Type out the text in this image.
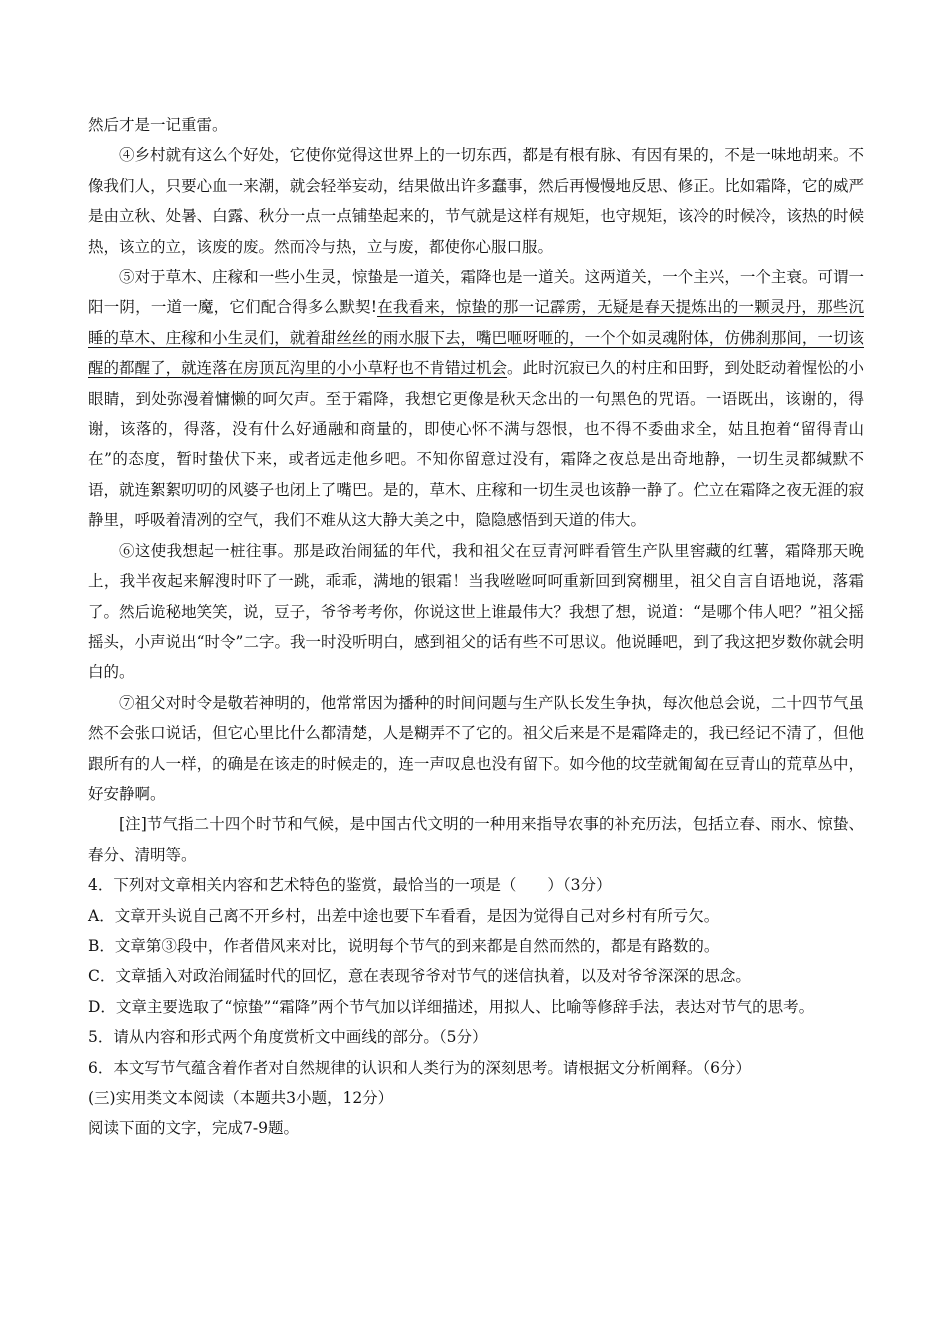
然后才是一记重雷。

④乡村就有这么个好处，它使你觉得这世界上的一切东西，都是有根有脉、有因有果的，不是一味地胡来。不像我们人，只要心血一来潮，就会轻举妄动，结果做出许多蠢事，然后再慢慢地反思、修正。比如霜降，它的威严是由立秋、处暑、白露、秋分一点一点铺垫起来的，节气就是这样有规矩，也守规矩，该冷的时候冷，该热的时候热，该立的立，该废的废。然而冷与热，立与废，都使你心服口服。

⑤对于草木、庄稼和一些小生灵，惊蛰是一道关，霜降也是一道关。这两道关，一个主兴，一个主衰。可谓一阳一阴，一道一魔，它们配合得多么默契!在我看来，惊蛰的那一记霹雳，无疑是春天提炼出的一颗灵丹，那些沉睡的草木、庄稼和小生灵们，就着甜丝丝的雨水服下去，嘴巴咂呀咂的，一个个如灵魂附体，仿佛刹那间，一切该醒的都醒了，就连落在房顶瓦沟里的小小草籽也不肯错过机会。此时沉寂已久的村庄和田野，到处眨动着惺忪的小眼睛，到处弥漫着慵懒的呵欠声。至于霜降，我想它更像是秋天念出的一句黑色的咒语。一语既出，该谢的，得谢，该落的，得落，没有什么好通融和商量的，即使心怀不满与怨恨，也不得不委曲求全，姑且抱着“留得青山在”的态度，暂时蛰伏下来，或者远走他乡吧。不知你留意过没有，霜降之夜总是出奇地静，一切生灵都缄默不语，就连絮絮叨叨的风婆子也闭上了嘴巴。是的，草木、庄稼和一切生灵也该静一静了。伫立在霜降之夜无涯的寂静里，呼吸着清冽的空气，我们不难从这大静大美之中，隐隐感悟到天道的伟大。

⑥这使我想起一桩往事。那是政治闹猛的年代，我和祖父在豆青河畔看管生产队里窖藏的红薯，霜降那天晚上，我半夜起来解溲时吓了一跳，乖乖，满地的银霜！当我咝咝呵呵重新回到窝棚里，祖父自言自语地说，落霜了。然后诡秘地笑笑，说，豆子，爷爷考考你，你说这世上谁最伟大？我想了想，说道：“是哪个伟人吧？”祖父摇摇头，小声说出“时令”二字。我一时没听明白，感到祖父的话有些不可思议。他说睡吧，到了我这把岁数你就会明白的。

⑦祖父对时令是敬若神明的，他常常因为播种的时间问题与生产队长发生争执，每次他总会说，二十四节气虽然不会张口说话，但它心里比什么都清楚，人是糊弄不了它的。祖父后来是不是霜降走的，我已经记不清了，但他跟所有的人一样，的确是在该走的时候走的，连一声叹息也没有留下。如今他的坟茔就匍匐在豆青山的荒草丛中，好安静啊。

[注]节气指二十四个时节和气候，是中国古代文明的一种用来指导农事的补充历法，包括立春、雨水、惊蛰、春分、清明等。

4．下列对文章相关内容和艺术特色的鉴赏，最恰当的一项是（　　）（3分）

A．文章开头说自己离不开乡村，出差中途也要下车看看，是因为觉得自己对乡村有所亏欠。

B．文章第③段中，作者借风来对比，说明每个节气的到来都是自然而然的，都是有路数的。

C．文章插入对政治闹猛时代的回忆，意在表现爷爷对节气的迷信执着，以及对爷爷深深的思念。

D．文章主要选取了“惊蛰”“霜降”两个节气加以详细描述，用拟人、比喻等修辞手法，表达对节气的思考。

5．请从内容和形式两个角度赏析文中画线的部分。（5分）

6．本文写节气蕴含着作者对自然规律的认识和人类行为的深刻思考。请根据文分析阐释。（6分）

(三)实用类文本阅读（本题共3小题，12分）

阅读下面的文字，完成7-9题。
